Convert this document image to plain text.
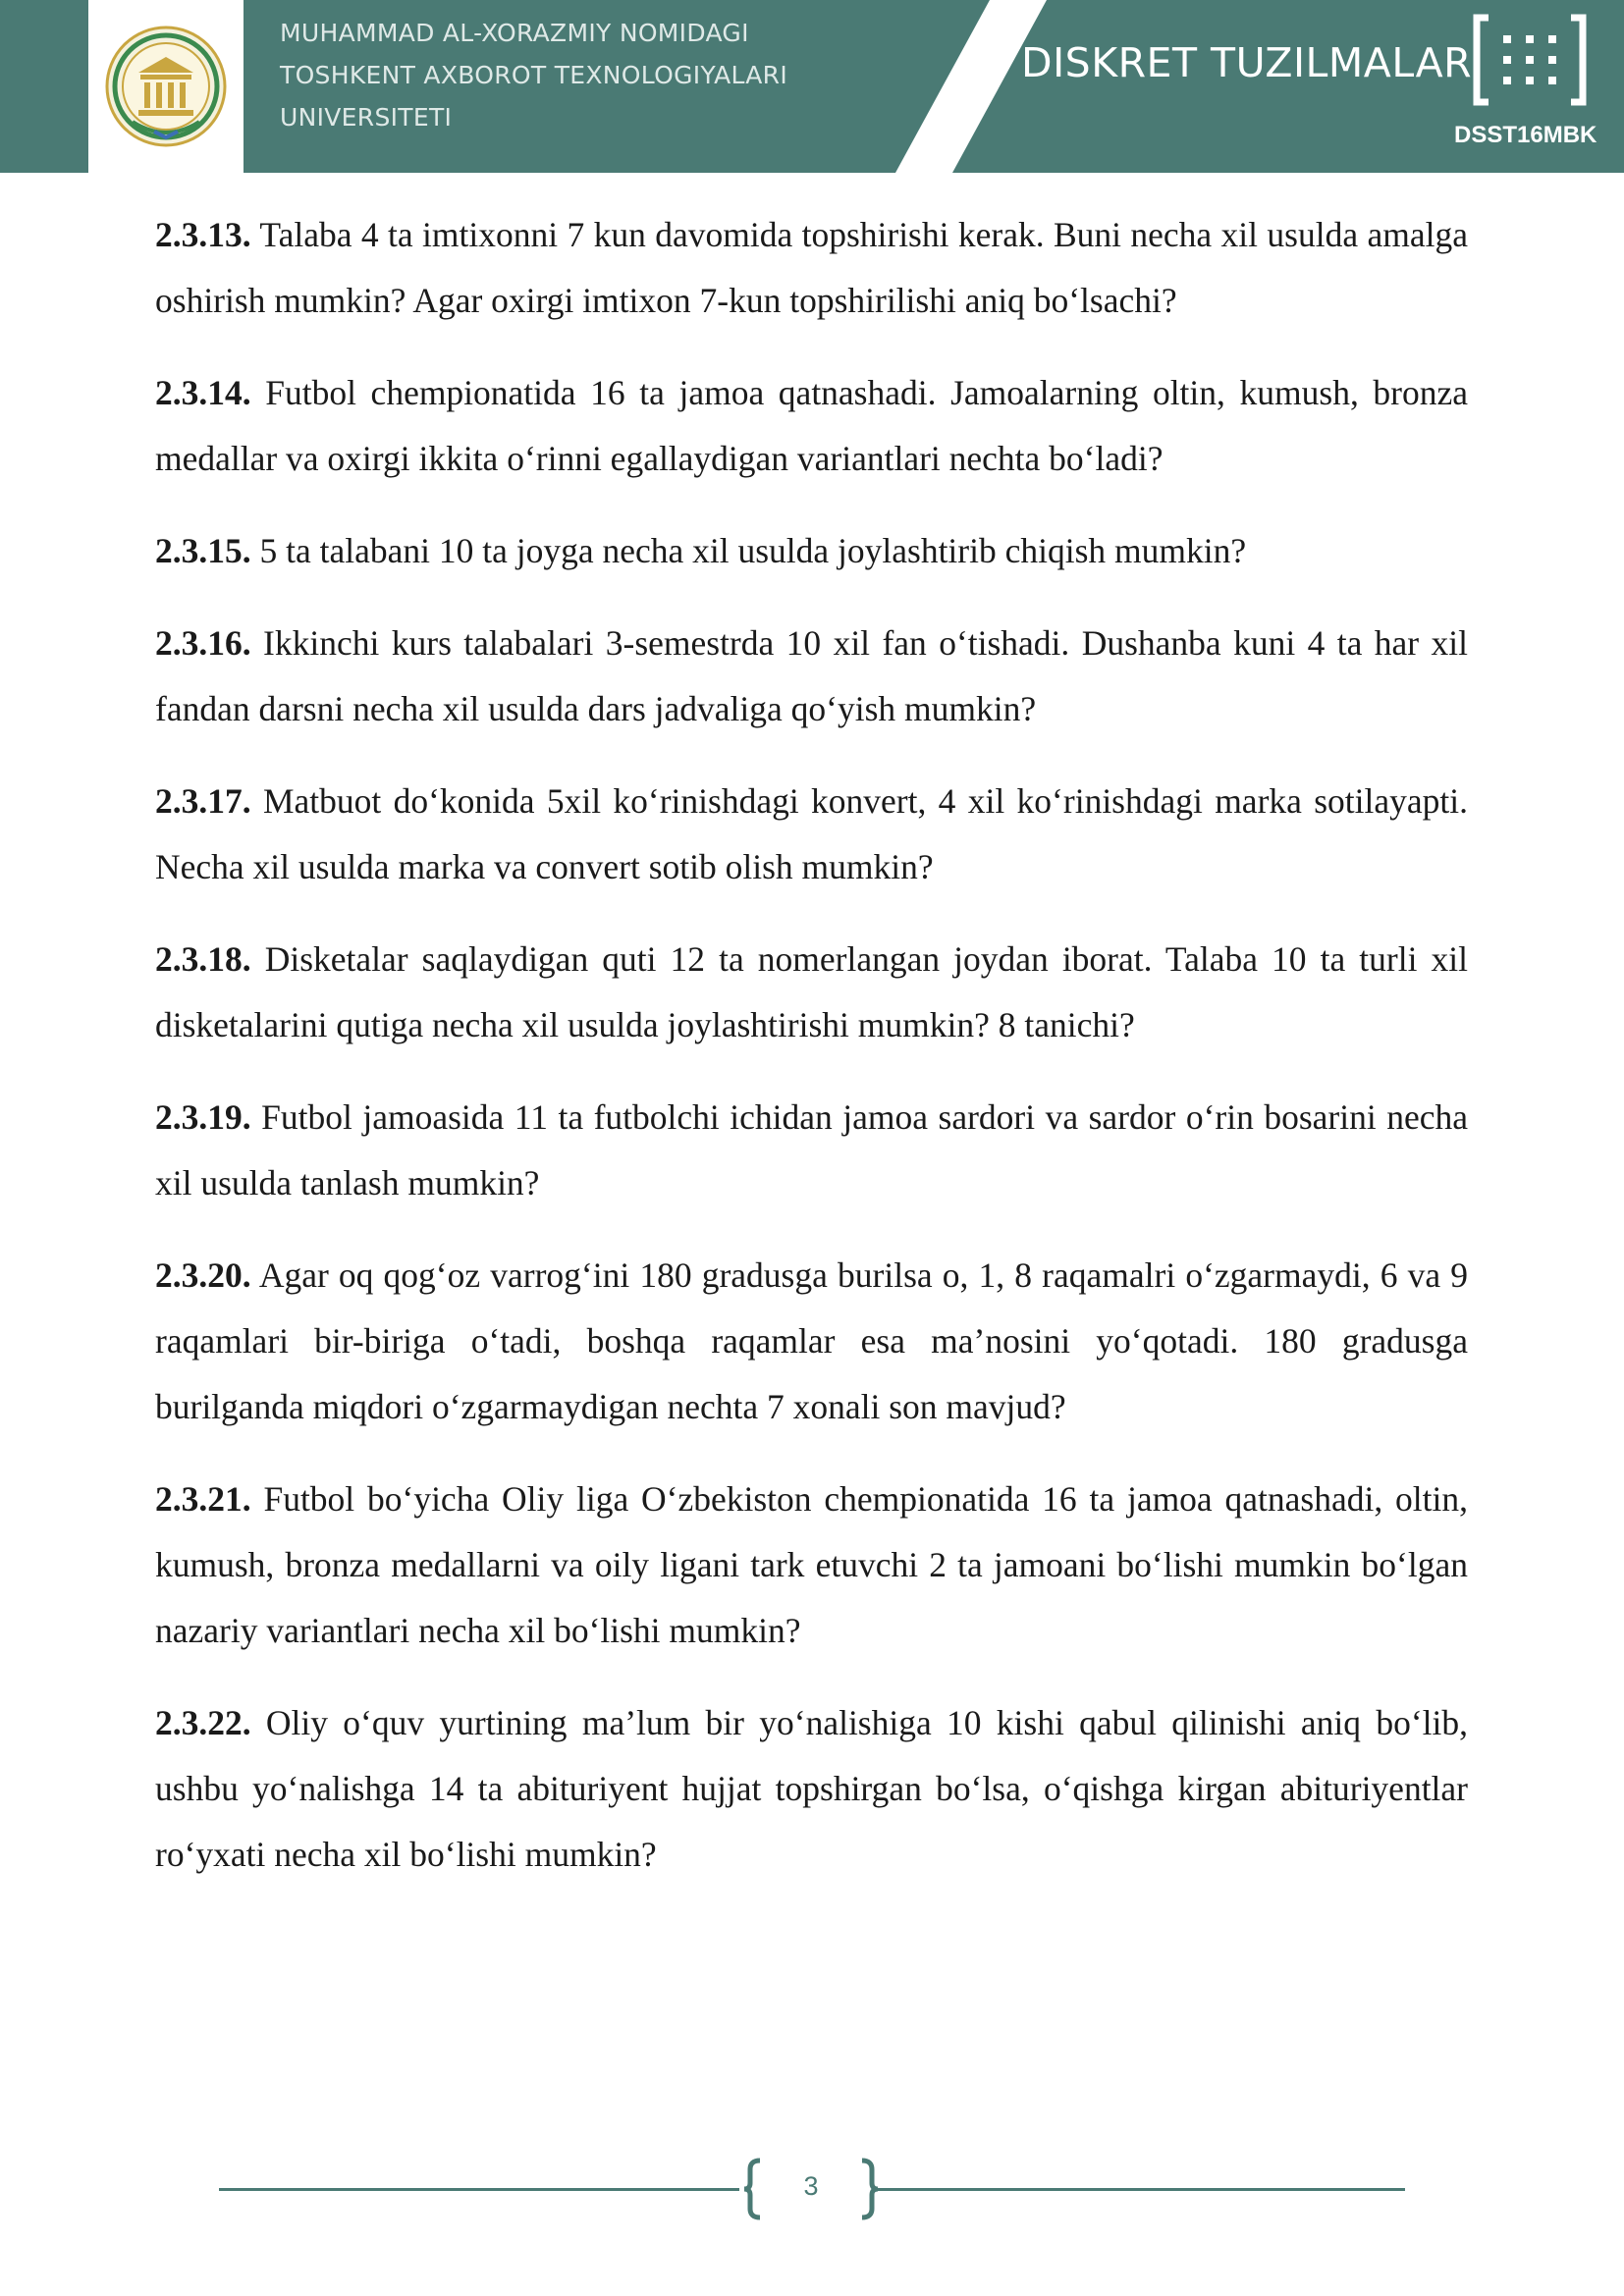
MUHAMMAD AL-XORAZMIY NOMIDAGI
TOSHKENT AXBOROT TEXNOLOGIYALARI
UNIVERSITETI
DISKRET TUZILMALAR
DSST16MBK

2.3.13. Talaba 4 ta imtixonni 7 kun davomida topshirishi kerak. Buni necha xil usulda amalga oshirish mumkin? Agar oxirgi imtixon 7-kun topshirilishi aniq bo‘lsachi?

2.3.14. Futbol chempionatida 16 ta jamoa qatnashadi. Jamoalarning oltin, kumush, bronza medallar va oxirgi ikkita o‘rinni egallaydigan variantlari nechta bo‘ladi?

2.3.15. 5 ta talabani 10 ta joyga necha xil usulda joylashtirib chiqish mumkin?

2.3.16. Ikkinchi kurs talabalari 3-semestrda 10 xil fan o‘tishadi. Dushanba kuni 4 ta har xil fandan darsni necha xil usulda dars jadvaliga qo‘yish mumkin?

2.3.17. Matbuot do‘konida 5xil ko‘rinishdagi konvert, 4 xil ko‘rinishdagi marka sotilayapti. Necha xil usulda marka va convert sotib olish mumkin?

2.3.18. Disketalar saqlaydigan quti 12 ta nomerlangan joydan iborat. Talaba 10 ta turli xil disketalarini qutiga necha xil usulda joylashtirishi mumkin? 8 tanichi?

2.3.19. Futbol jamoasida 11 ta futbolchi ichidan jamoa sardori va sardor o‘rin bosarini necha xil usulda tanlash mumkin?

2.3.20. Agar oq qog‘oz varrog‘ini 180 gradusga burilsa o, 1, 8 raqamalri o‘zgarmaydi, 6 va 9 raqamlari bir-biriga o‘tadi, boshqa raqamlar esa ma’nosini yo‘qotadi. 180 gradusga burilganda miqdori o‘zgarmaydigan nechta 7 xonali son mavjud?

2.3.21. Futbol bo‘yicha Oliy liga O‘zbekiston chempionatida 16 ta jamoa qatnashadi, oltin, kumush, bronza medallarni va oily ligani tark etuvchi 2 ta jamoani bo‘lishi mumkin bo‘lgan nazariy variantlari necha xil bo‘lishi mumkin?

2.3.22. Oliy o‘quv yurtining ma’lum bir yo‘nalishiga 10 kishi qabul qilinishi aniq bo‘lib, ushbu yo‘nalishga 14 ta abituriyent hujjat topshirgan bo‘lsa, o‘qishga kirgan abituriyentlar ro‘yxati necha xil bo‘lishi mumkin?

3
